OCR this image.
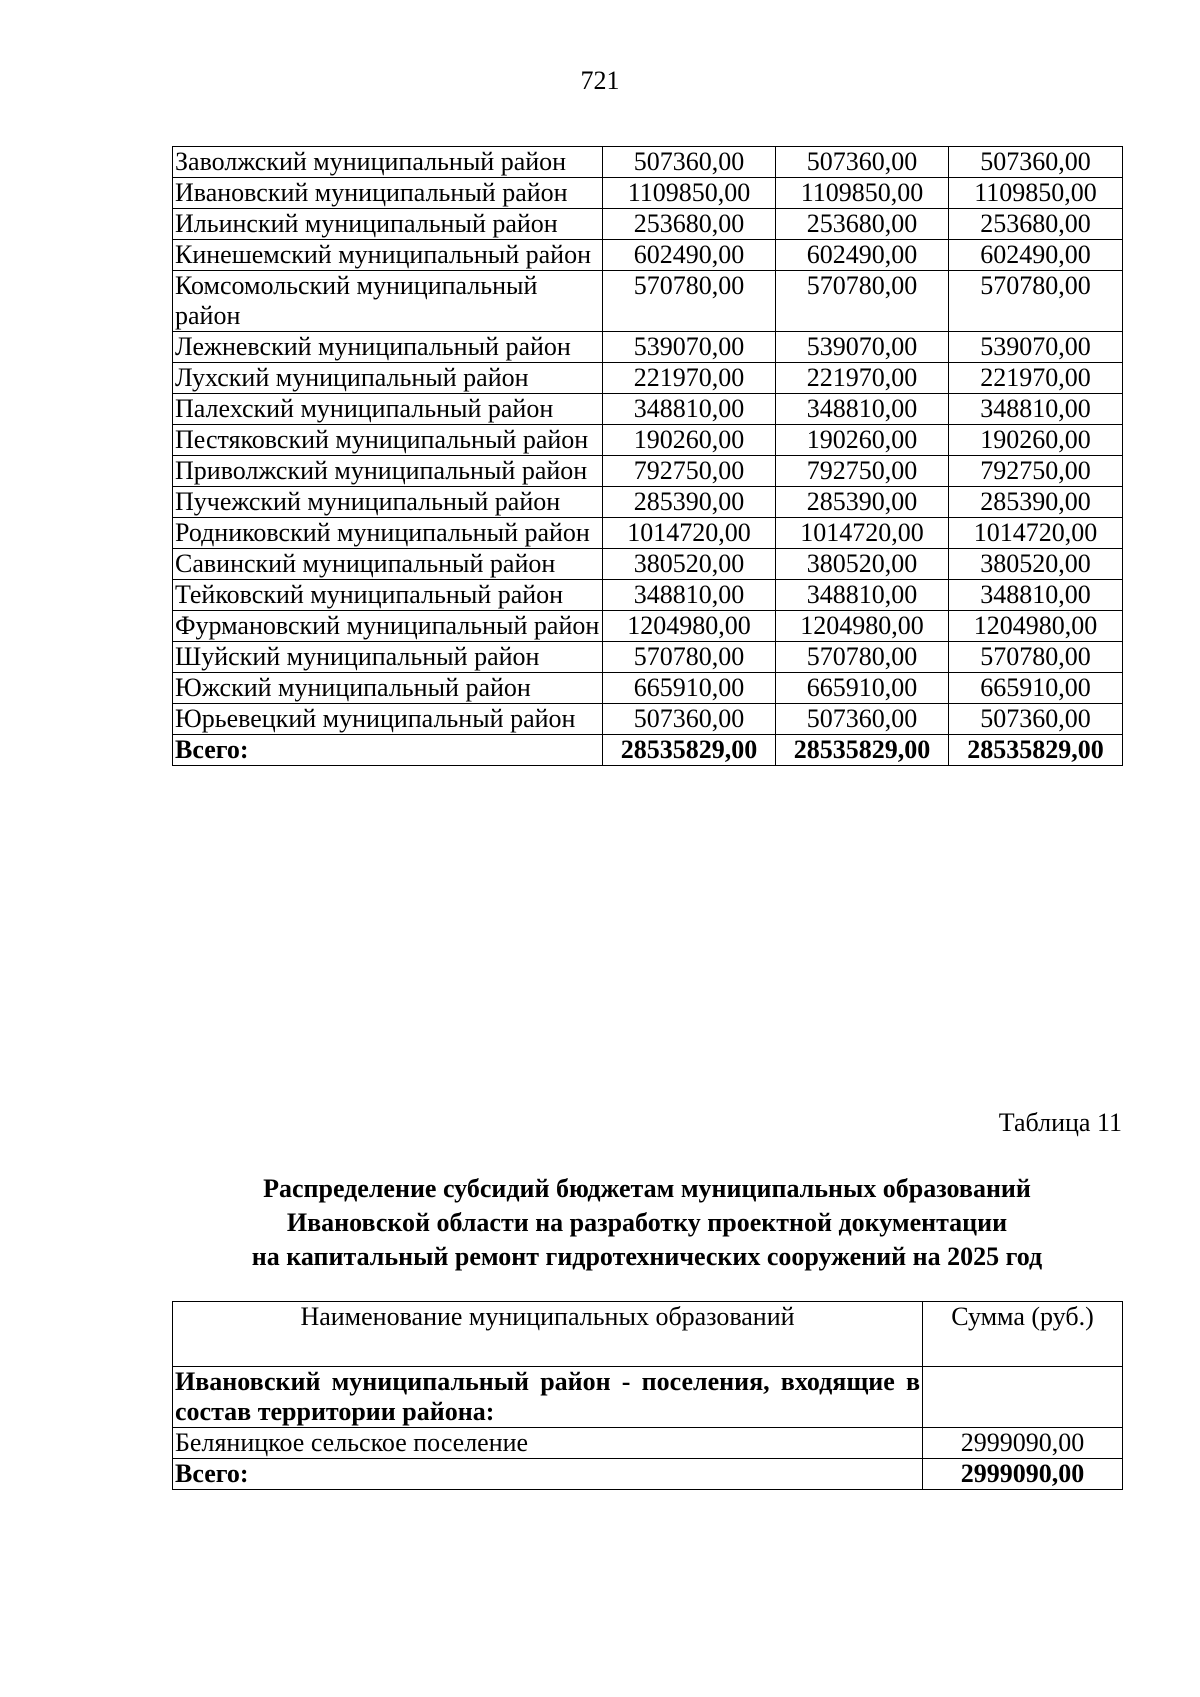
721
Заволжский муниципальный район	507360,00	507360,00	507360,00
Ивановский муниципальный район	1109850,00	1109850,00	1109850,00
Ильинский муниципальный район	253680,00	253680,00	253680,00
Кинешемский муниципальный район	602490,00	602490,00	602490,00
Комсомольский муниципальный район	570780,00	570780,00	570780,00
Лежневский муниципальный район	539070,00	539070,00	539070,00
Лухский муниципальный район	221970,00	221970,00	221970,00
Палехский муниципальный район	348810,00	348810,00	348810,00
Пестяковский муниципальный район	190260,00	190260,00	190260,00
Приволжский муниципальный район	792750,00	792750,00	792750,00
Пучежский муниципальный район	285390,00	285390,00	285390,00
Родниковский муниципальный район	1014720,00	1014720,00	1014720,00
Савинский муниципальный район	380520,00	380520,00	380520,00
Тейковский муниципальный район	348810,00	348810,00	348810,00
Фурмановский муниципальный район	1204980,00	1204980,00	1204980,00
Шуйский муниципальный район	570780,00	570780,00	570780,00
Южский муниципальный район	665910,00	665910,00	665910,00
Юрьевецкий муниципальный район	507360,00	507360,00	507360,00
Всего:	28535829,00	28535829,00	28535829,00
Таблица 11
Распределение субсидий бюджетам муниципальных образований
Ивановской области на разработку проектной документации
на капитальный ремонт гидротехнических сооружений на 2025 год
Наименование муниципальных образований	Сумма (руб.)
Ивановский муниципальный район - поселения, входящие в состав территории района:	
Беляницкое сельское поселение	2999090,00
Всего:	2999090,00
